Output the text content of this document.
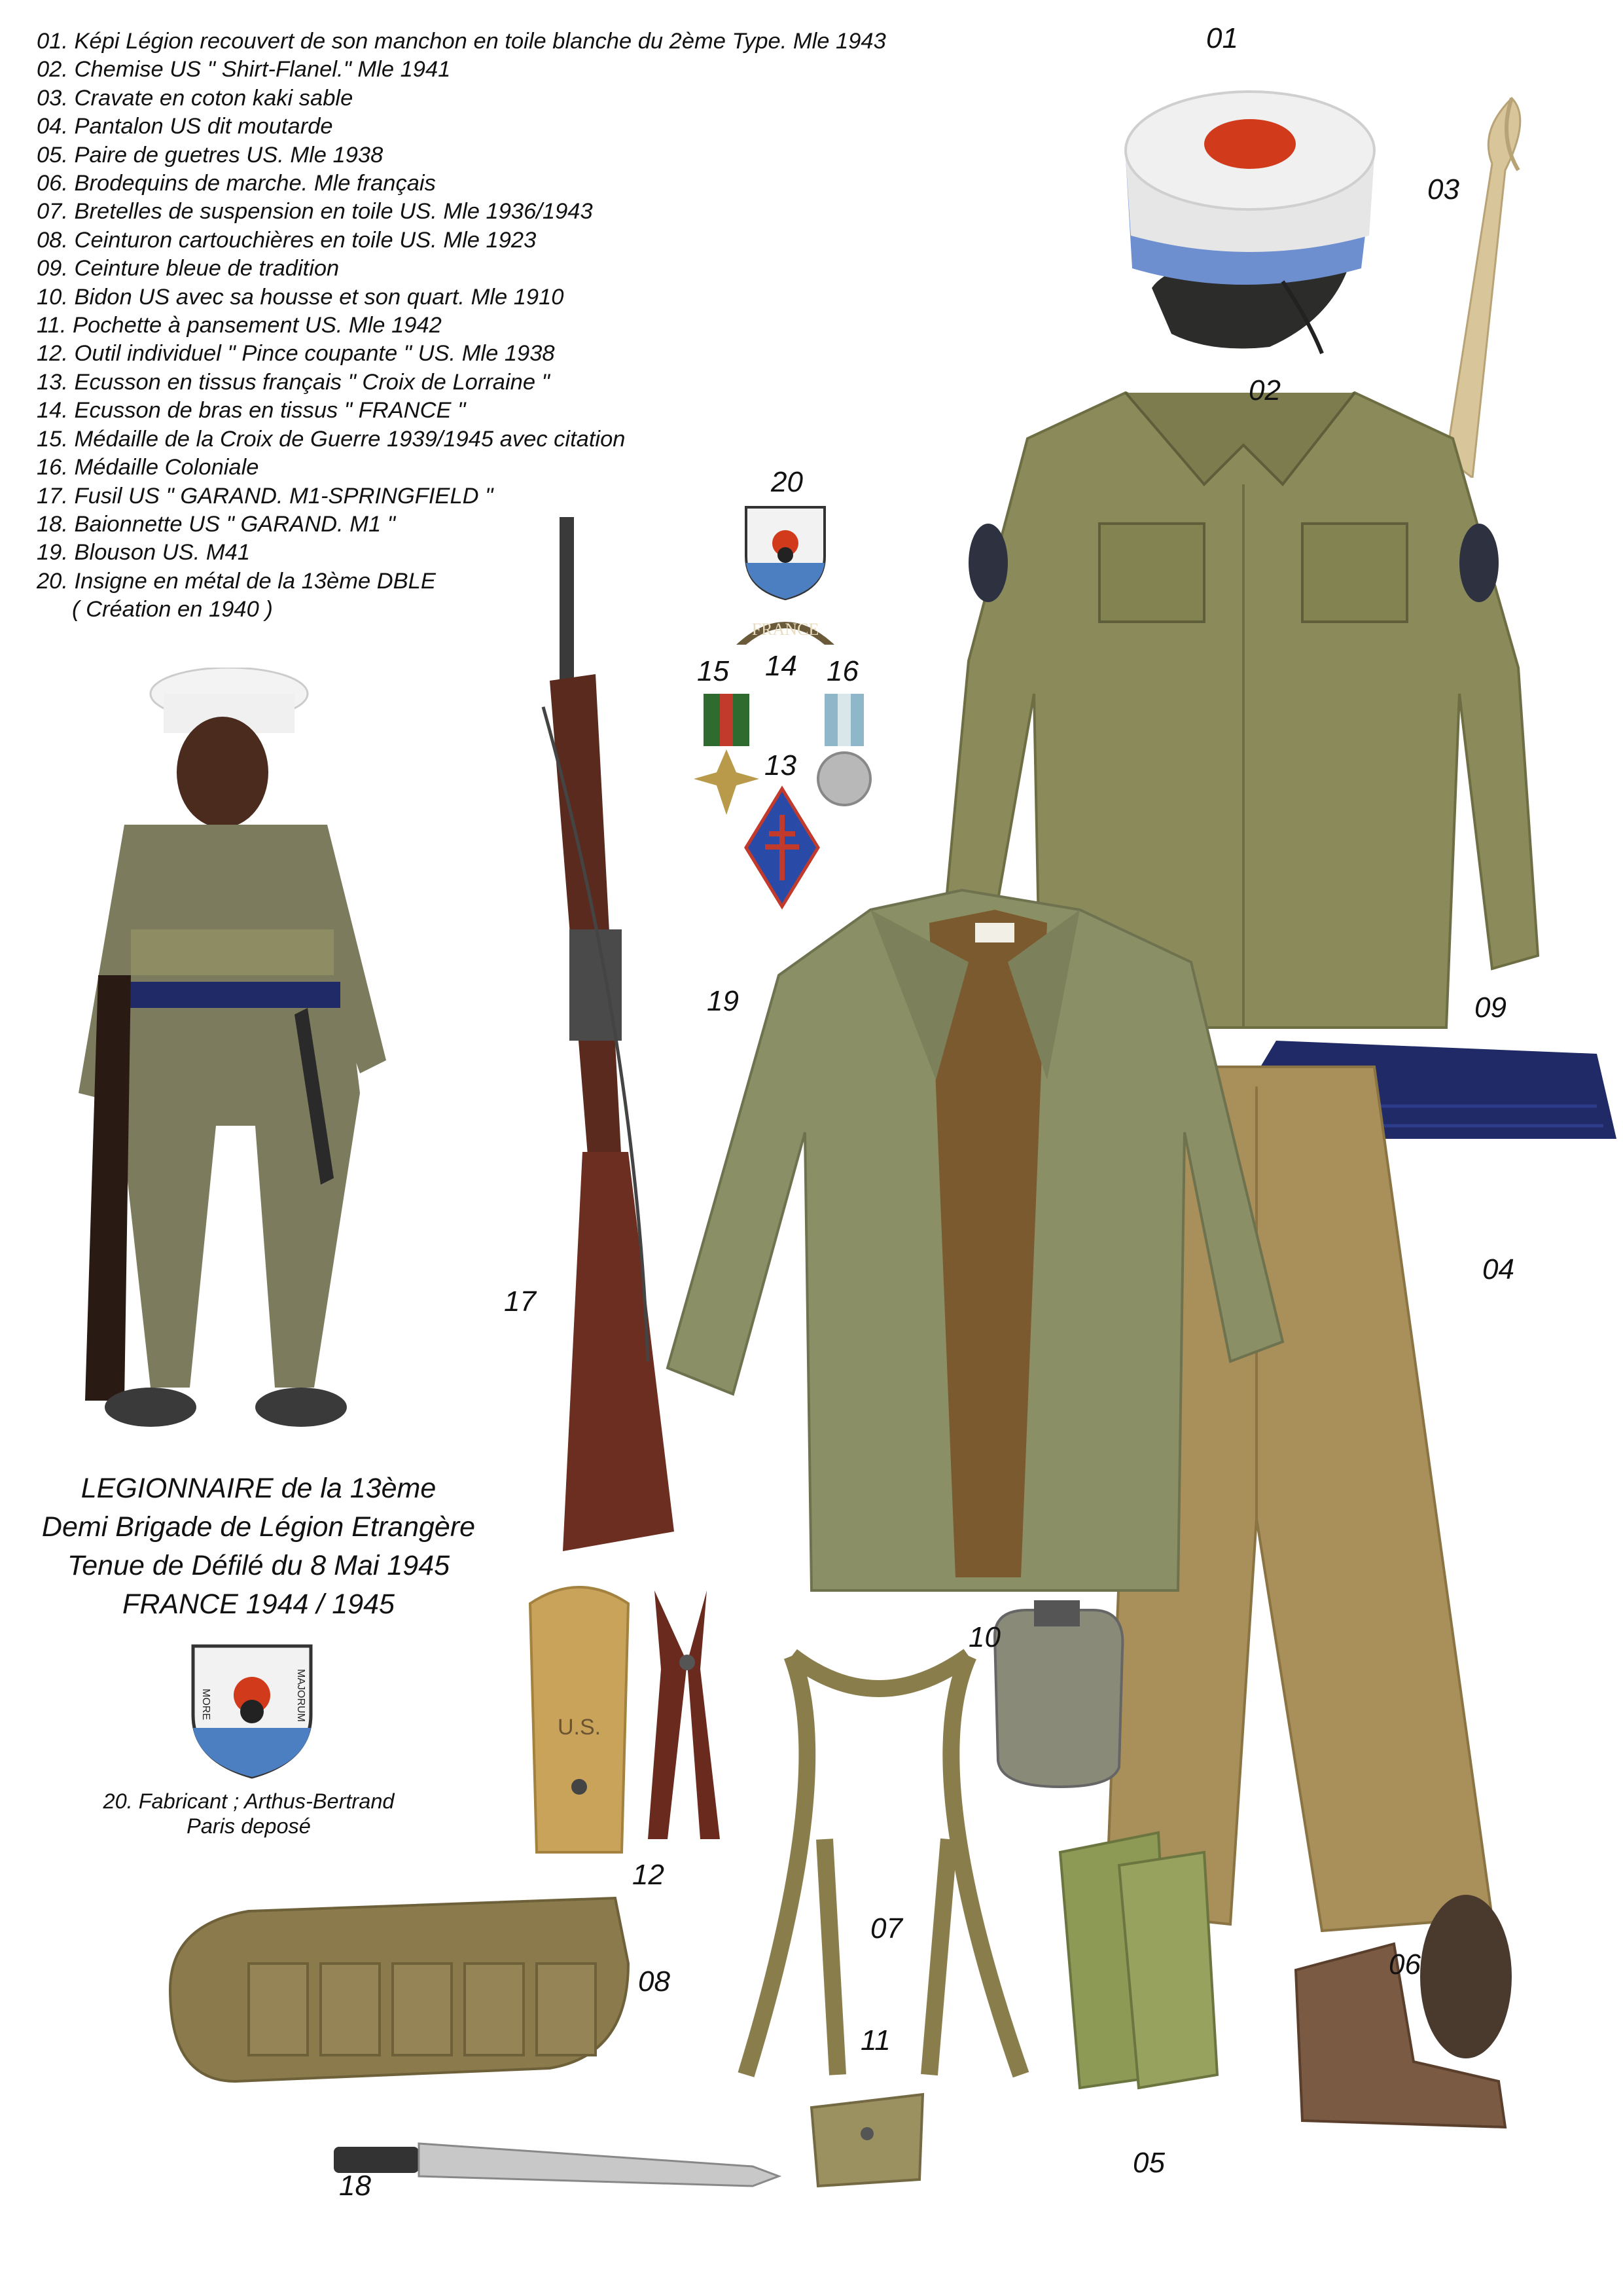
01. Képi Légion recouvert de son manchon en toile blanche du 2ème Type. Mle 1943
02. Chemise US " Shirt-Flanel." Mle 1941
03. Cravate en coton kaki sable
04. Pantalon US dit moutarde
05. Paire de guetres US. Mle 1938
06. Brodequins de marche. Mle français
07. Bretelles de suspension en toile US. Mle 1936/1943
08. Ceinturon cartouchières en toile US. Mle 1923
09. Ceinture bleue de tradition
10. Bidon US avec sa housse et son quart. Mle 1910
11. Pochette à pansement US. Mle 1942
12. Outil individuel " Pince coupante " US. Mle 1938
13. Ecusson en tissus français " Croix de Lorraine "
14. Ecusson de bras en tissus " FRANCE "
15. Médaille de la Croix de Guerre 1939/1945 avec citation
16. Médaille Coloniale
17. Fusil US " GARAND. M1-SPRINGFIELD "
18. Baionnette US " GARAND. M1 "
19. Blouson US. M41
20. Insigne en métal de la 13ème DBLE
( Création en 1940 )
FRANCE
U.S.
LEGIONNAIRE de la 13ème
Demi Brigade de Légion Etrangère
Tenue de Défilé du 8 Mai 1945
FRANCE 1944 / 1945
MORE	MAJORUM
20. Fabricant ; Arthus-Bertrand
Paris deposé
01
02
03
04
05
06
07
08
09
10
11
12
13
14
15	16
17
18
19
20
